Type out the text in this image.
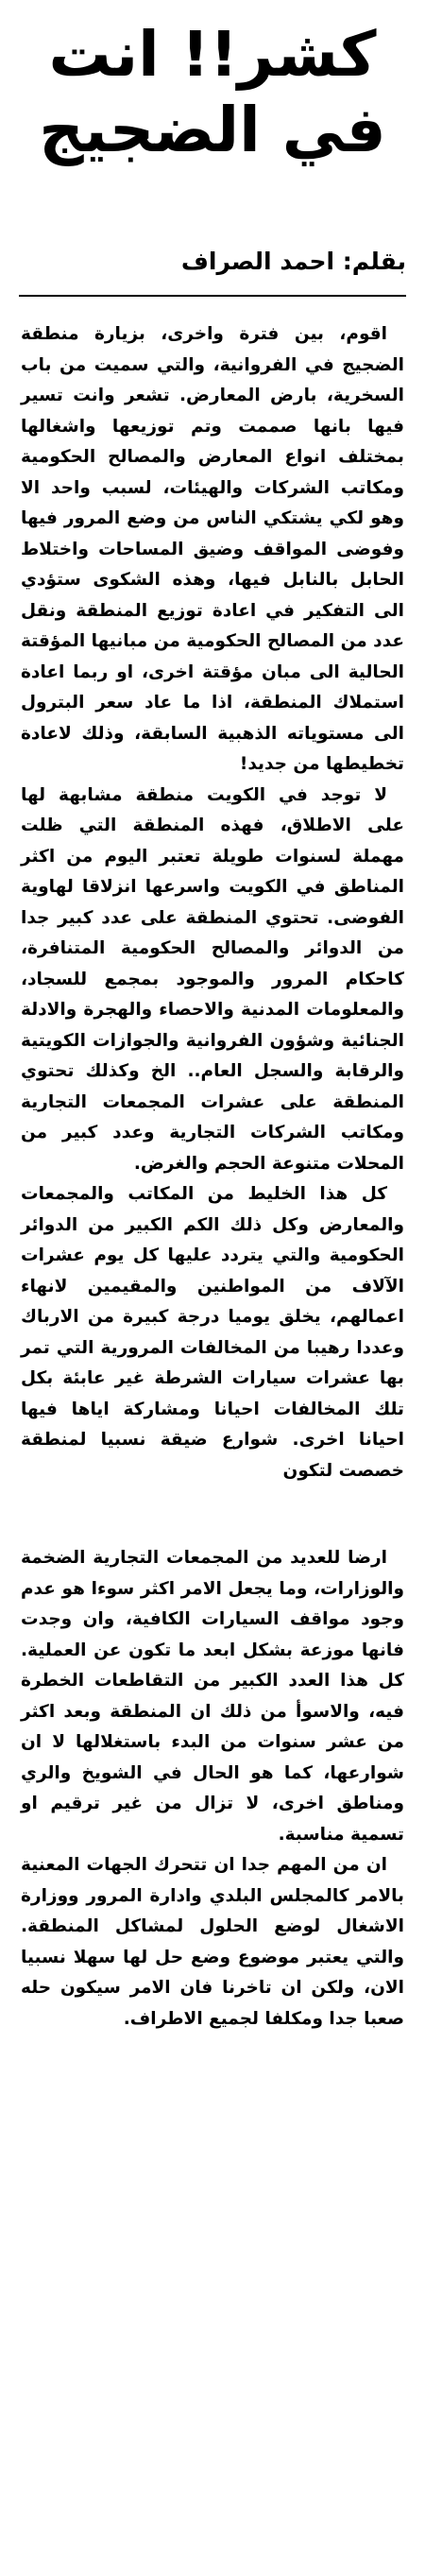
كشر!! انت
في الضجيج
بقلم: احمد الصراف

اقوم، بين فترة واخرى، بزيارة منطقة الضجيج في الفروانية، والتي سميت من باب السخرية، بارض المعارض. تشعر وانت تسير فيها بانها صممت وتم توزيعها واشغالها بمختلف انواع المعارض والمصالح الحكومية ومكاتب الشركات والهيئات، لسبب واحد الا وهو لكي يشتكي الناس من وضع المرور فيها وفوضى المواقف وضيق المساحات واختلاط الحابل بالنابل فيها، وهذه الشكوى ستؤدي الى التفكير في اعادة توزيع المنطقة ونقل عدد من المصالح الحكومية من مبانيها المؤقتة الحالية الى مبان مؤقتة اخرى، او ربما اعادة استملاك المنطقة، اذا ما عاد سعر البترول الى مستوياته الذهبية السابقة، وذلك لاعادة تخطيطها من جديد!

لا توجد في الكويت منطقة مشابهة لها على الاطلاق، فهذه المنطقة التي ظلت مهملة لسنوات طويلة تعتبر اليوم من اكثر المناطق في الكويت واسرعها انزلاقا لهاوية الفوضى. تحتوي المنطقة على عدد كبير جدا من الدوائر والمصالح الحكومية المتنافرة، كاحكام المرور والموجود بمجمع للسجاد، والمعلومات المدنية والاحصاء والهجرة والادلة الجنائية وشؤون الفروانية والجوازات الكويتية والرقابة والسجل العام.. الخ وكذلك تحتوي المنطقة على عشرات المجمعات التجارية ومكاتب الشركات التجارية وعدد كبير من المحلات متنوعة الحجم والغرض.

كل هذا الخليط من المكاتب والمجمعات والمعارض وكل ذلك الكم الكبير من الدوائر الحكومية والتي يتردد عليها كل يوم عشرات الآلاف من المواطنين والمقيمين لانهاء اعمالهم، يخلق يوميا درجة كبيرة من الارباك وعددا رهيبا من المخالفات المرورية التي تمر بها عشرات سيارات الشرطة غير عابئة بكل تلك المخالفات احيانا ومشاركة اياها فيها احيانا اخرى. شوارع ضيقة نسبيا لمنطقة خصصت لتكون

ارضا للعديد من المجمعات التجارية الضخمة والوزارات، وما يجعل الامر اكثر سوءا هو عدم وجود مواقف السيارات الكافية، وان وجدت فانها موزعة بشكل ابعد ما تكون عن العملية. كل هذا العدد الكبير من التقاطعات الخطرة فيه، والاسوأ من ذلك ان المنطقة وبعد اكثر من عشر سنوات من البدء باستغلالها لا ان شوارعها، كما هو الحال في الشويخ والري ومناطق اخرى، لا تزال من غير ترقيم او تسمية مناسبة.

ان من المهم جدا ان تتحرك الجهات المعنية بالامر كالمجلس البلدي وادارة المرور ووزارة الاشغال لوضع الحلول لمشاكل المنطقة. والتي يعتبر موضوع وضع حل لها سهلا نسبيا الان، ولكن ان تاخرنا فان الامر سيكون حله صعبا جدا ومكلفا لجميع الاطراف.
